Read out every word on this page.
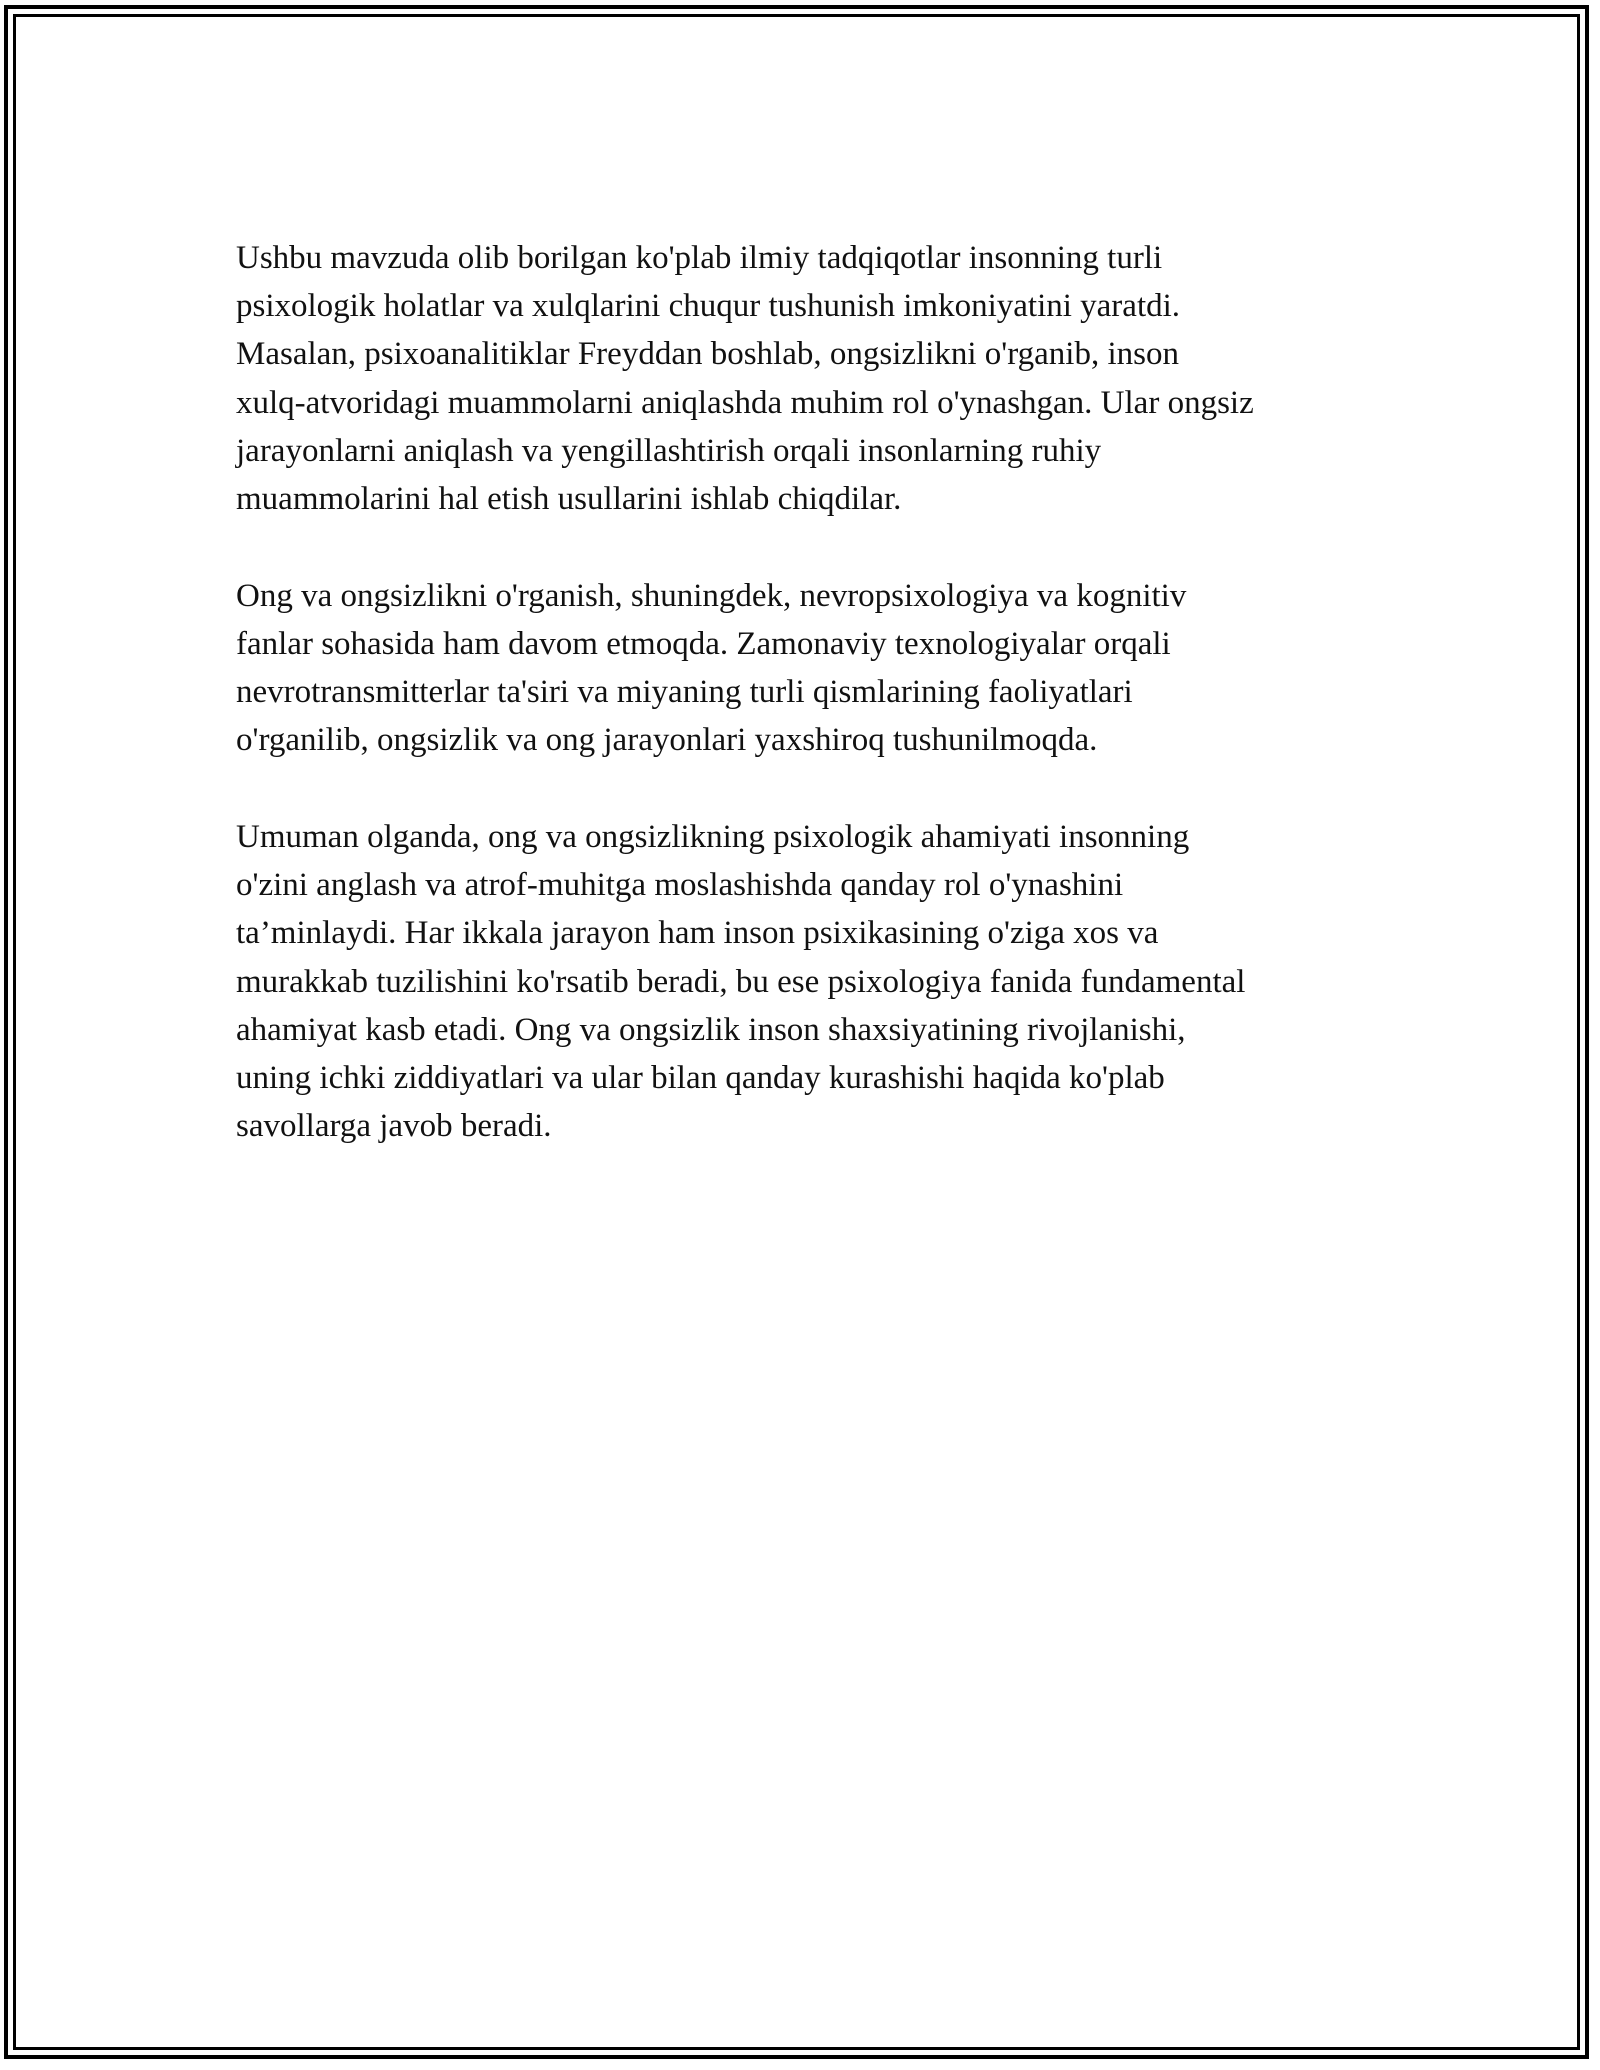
Ushbu mavzuda olib borilgan ko'plab ilmiy tadqiqotlar insonning turli
psixologik holatlar va xulqlarini chuqur tushunish imkoniyatini yaratdi.
Masalan, psixoanalitiklar Freyddan boshlab, ongsizlikni o'rganib, inson
xulq-atvoridagi muammolarni aniqlashda muhim rol o'ynashgan. Ular ongsiz
jarayonlarni aniqlash va yengillashtirish orqali insonlarning ruhiy
muammolarini hal etish usullarini ishlab chiqdilar.

Ong va ongsizlikni o'rganish, shuningdek, nevropsixologiya va kognitiv
fanlar sohasida ham davom etmoqda. Zamonaviy texnologiyalar orqali
nevrotransmitterlar ta'siri va miyaning turli qismlarining faoliyatlari
o'rganilib, ongsizlik va ong jarayonlari yaxshiroq tushunilmoqda.

Umuman olganda, ong va ongsizlikning psixologik ahamiyati insonning
o'zini anglash va atrof-muhitga moslashishda qanday rol o'ynashini
ta’minlaydi. Har ikkala jarayon ham inson psixikasining o'ziga xos va
murakkab tuzilishini ko'rsatib beradi, bu ese psixologiya fanida fundamental
ahamiyat kasb etadi. Ong va ongsizlik inson shaxsiyatining rivojlanishi,
uning ichki ziddiyatlari va ular bilan qanday kurashishi haqida ko'plab
savollarga javob beradi.
